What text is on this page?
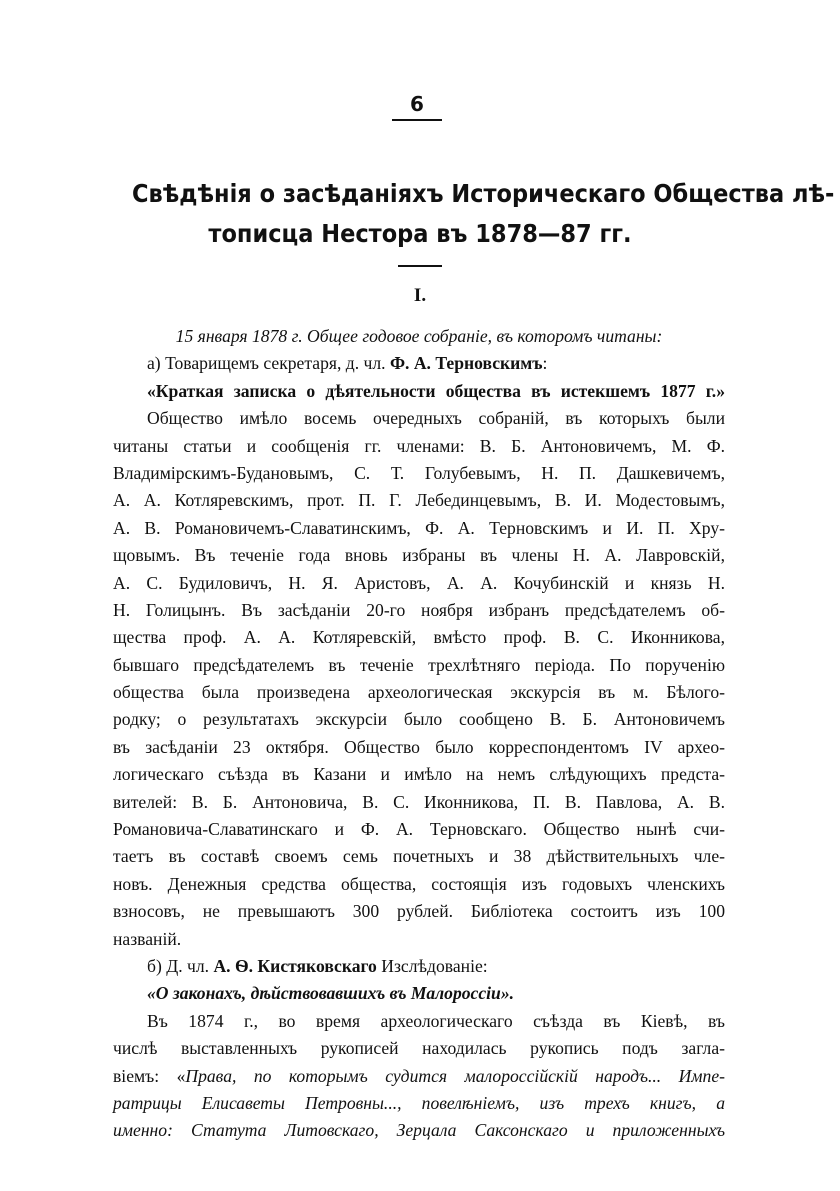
6
Свѣдѣнія о засѣданіяхъ Историческаго Общества лѣ-
тописца Нестора въ 1878—87 гг.
I.
15 января 1878 г. Общее годовое собраніе, въ которомъ читаны:
а) Товарищемъ секретаря, д. чл. Ф. А. Терновскимъ:
«Краткая записка о дѣятельности общества въ истекшемъ 1877 г.»
Общество имѣло восемь очередныхъ собраній, въ которыхъ были
читаны статьи и сообщенія гг. членами: В. Б. Антоновичемъ, М. Ф.
Владимірскимъ-Будановымъ, С. Т. Голубевымъ, Н. П. Дашкевичемъ,
А. А. Котляревскимъ, прот. П. Г. Лебединцевымъ, В. И. Модестовымъ,
А. В. Романовичемъ-Славатинскимъ, Ф. А. Терновскимъ и И. П. Хру-
щовымъ. Въ теченіе года вновь избраны въ члены Н. А. Лавровскій,
А. С. Будиловичъ, Н. Я. Аристовъ, А. А. Кочубинскій и князь Н.
Н. Голицынъ. Въ засѣданіи 20-го ноября избранъ предсѣдателемъ об-
щества проф. А. А. Котляревскій, вмѣсто проф. В. С. Иконникова,
бывшаго предсѣдателемъ въ теченіе трехлѣтняго періода. По порученію
общества была произведена археологическая экскурсія въ м. Бѣлого-
родку; о результатахъ экскурсіи было сообщено В. Б. Антоновичемъ
въ засѣданіи 23 октября. Общество было корреспондентомъ IV архео-
логическаго съѣзда въ Казани и имѣло на немъ слѣдующихъ предста-
вителей: В. Б. Антоновича, В. С. Иконникова, П. В. Павлова, А. В.
Романовича-Славатинскаго и Ф. А. Терновскаго. Общество нынѣ счи-
таетъ въ составѣ своемъ семь почетныхъ и 38 дѣйствительныхъ чле-
новъ. Денежныя средства общества, состоящія изъ годовыхъ членскихъ
взносовъ, не превышаютъ 300 рублей. Библіотека состоитъ изъ 100
названій.
б) Д. чл. А. Ѳ. Кистяковскаго Изслѣдованіе:
«О законахъ, дѣйствовавшихъ въ Малороссіи».
Въ 1874 г., во время археологическаго съѣзда въ Кіевѣ, въ
числѣ выставленныхъ рукописей находилась рукопись подъ загла-
віемъ: «Права, по которымъ судится малороссійскій народъ... Импе-
ратрицы Елисаветы Петровны..., повелѣніемъ, изъ трехъ книгъ, а
именно: Статута Литовскаго, Зерцала Саксонскаго и приложенныхъ
